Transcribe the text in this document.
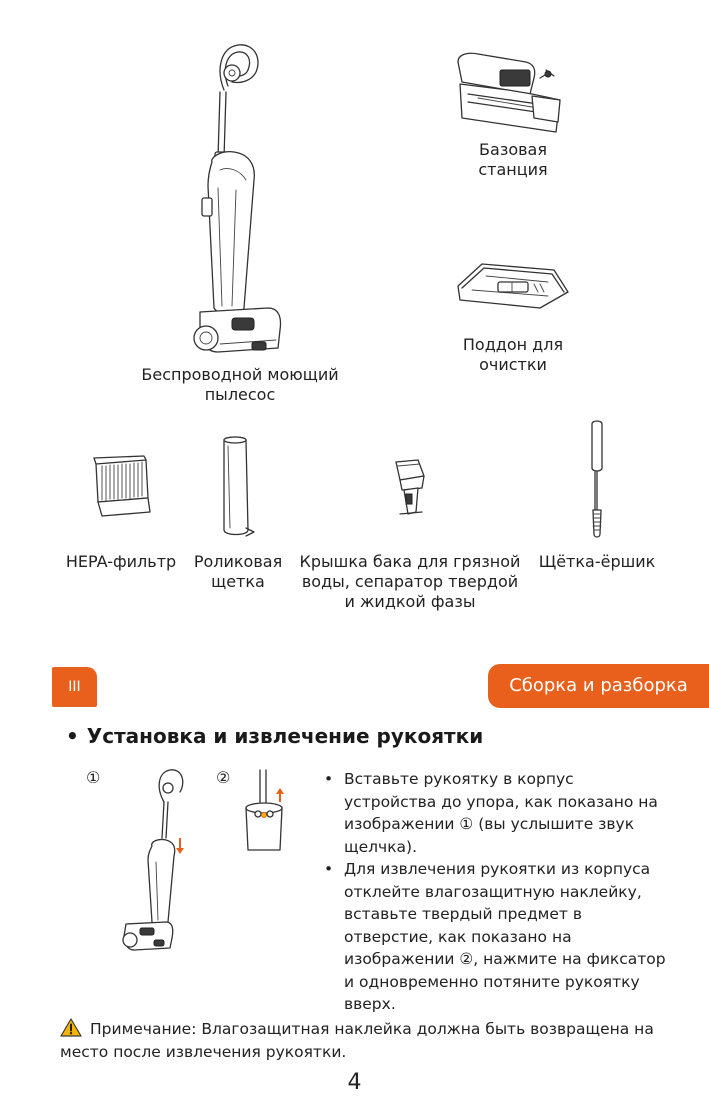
Беспроводной моющий
пылесос
Базовая
станция
Поддон для
очистки
HEPA-фильтр	Роликовая
щетка
Крышка бака для грязной
воды, сепаратор твердой
и жидкой фазы
Щётка-ёршик
III	Сборка и разборка
• Установка и извлечение рукоятки
①	②	• Вставьте рукоятку в корпус устройства до упора, как показано на изображении ① (вы услышите звук щелчка).
• Для извлечения рукоятки из корпуса отклейте влагозащитную наклейку, вставьте твердый предмет в отверстие, как показано на изображении ②, нажмите на фиксатор и одновременно потяните рукоятку вверх.
Примечание: Влагозащитная наклейка должна быть возвращена на место после извлечения рукоятки.
4
